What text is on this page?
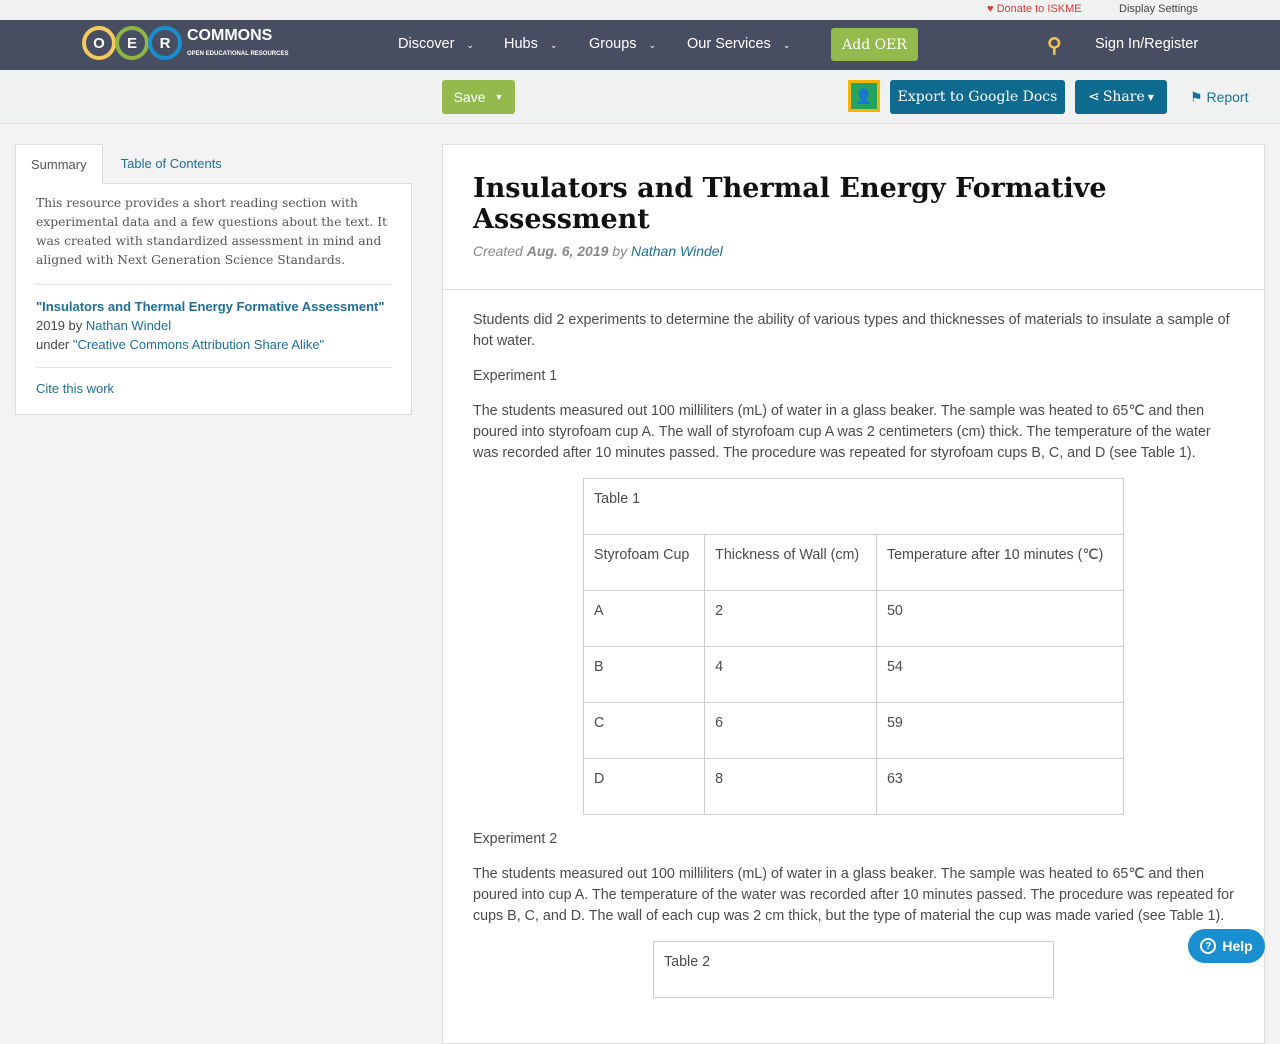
♥ Donate to ISKME	Display Settings
O	E	R	COMMONS
OPEN EDUCATIONAL RESOURCES
Discover ⌄ Hubs ⌄ Groups ⌄ Our Services ⌄	Add OER	⚲ Sign In/Register
Save ▼	👤	Export to Google Docs	⋖ Share ▼	⚑ Report
Summary	Table of Contents
This resource provides a short reading section with experimental data and a few questions about the text. It was created with standardized assessment in mind and aligned with Next Generation Science Standards.
"Insulators and Thermal Energy Formative Assessment" 2019 by Nathan Windel
under "Creative Commons Attribution Share Alike"
Cite this work
Insulators and Thermal Energy Formative Assessment
Created Aug. 6, 2019 by Nathan Windel

Students did 2 experiments to determine the ability of various types and thicknesses of materials to insulate a sample of hot water.

Experiment 1

The students measured out 100 milliliters (mL) of water in a glass beaker. The sample was heated to 65℃ and then poured into styrofoam cup A. The wall of styrofoam cup A was 2 centimeters (cm) thick. The temperature of the water was recorded after 10 minutes passed. The procedure was repeated for styrofoam cups B, C, and D (see Table 1).

Table 1		
Styrofoam Cup	Thickness of Wall (cm)	Temperature after 10 minutes (℃)
A	2	50
B	4	54
C	6	59
D	8	63

Experiment 2

The students measured out 100 milliliters (mL) of water in a glass beaker. The sample was heated to 65℃ and then poured into cup A. The temperature of the water was recorded after 10 minutes passed. The procedure was repeated for cups B, C, and D. The wall of each cup was 2 cm thick, but the type of material the cup was made varied (see Table 1).

Table 2
? Help
